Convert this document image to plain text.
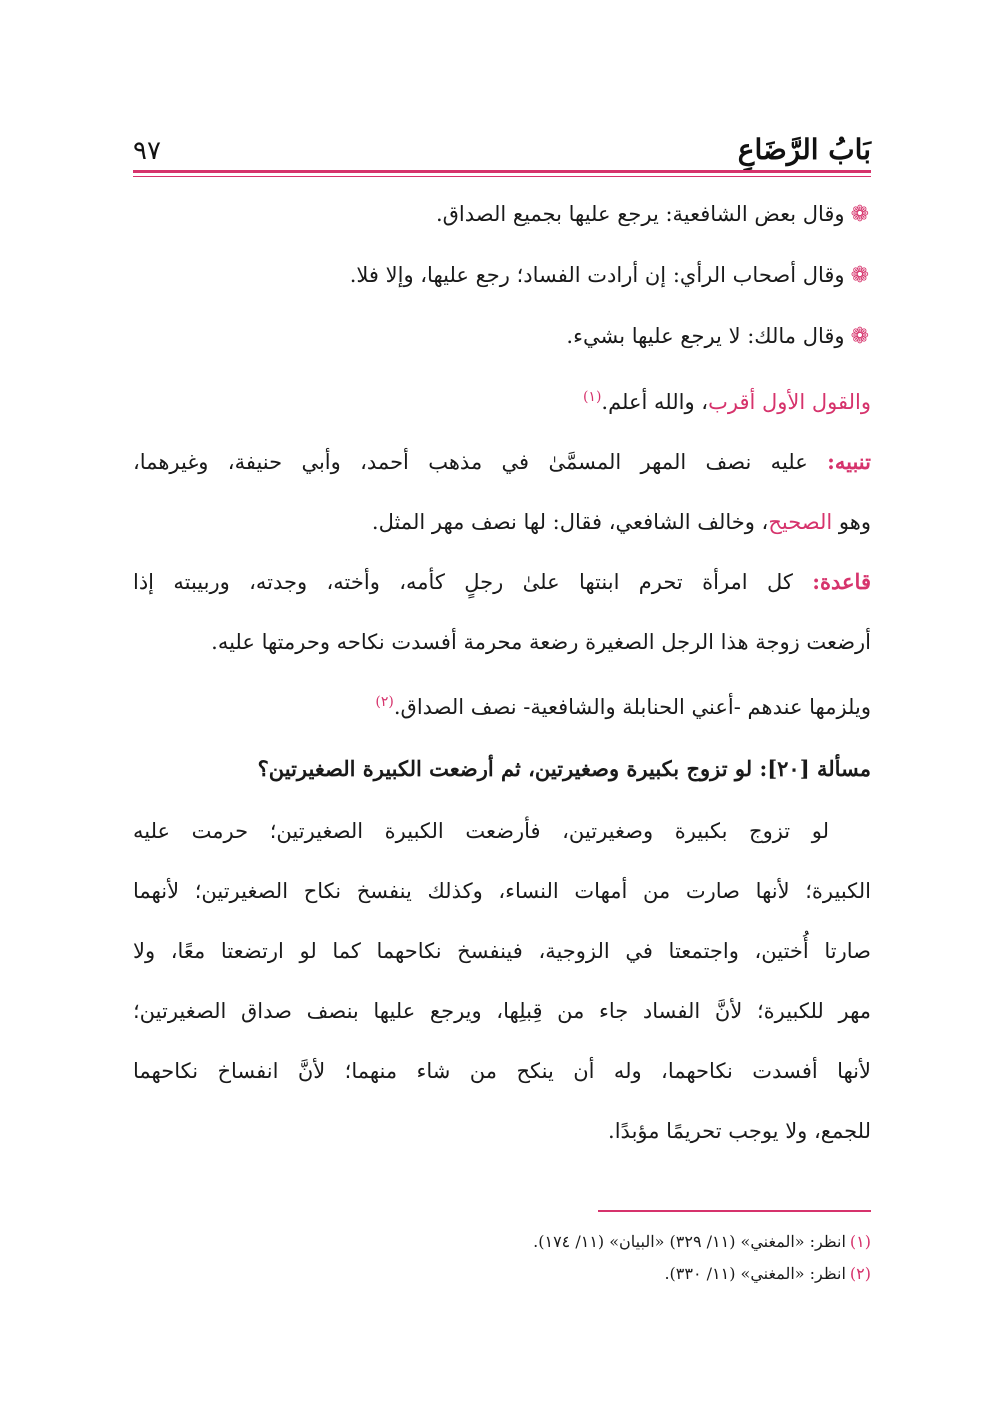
بَابُ الرَّضَاعِ
٩٧
❁وقال بعض الشافعية: يرجع عليها بجميع الصداق.
❁وقال أصحاب الرأي: إن أرادت الفساد؛ رجع عليها، وإلا فلا.
❁وقال مالك: لا يرجع عليها بشيء.
والقول الأول أقرب، والله أعلم.$^{(١)}$
تنبيه: عليه نصف المهر المسمَّىٰ في مذهب أحمد، وأبي حنيفة، وغيرهما،
وهو الصحيح، وخالف الشافعي، فقال: لها نصف مهر المثل.
قاعدة: كل امرأة تحرم ابنتها علىٰ رجلٍ كأمه، وأخته، وجدته، وربيبته إذا
أرضعت زوجة هذا الرجل الصغيرة رضعة محرمة أفسدت نكاحه وحرمتها عليه.
ويلزمها عندهم -أعني الحنابلة والشافعية- نصف الصداق.$^{(٢)}$
مسألة [٢٠]: لو تزوج بكبيرة وصغيرتين، ثم أرضعت الكبيرة الصغيرتين؟
لو تزوج بكبيرة وصغيرتين، فأرضعت الكبيرة الصغيرتين؛ حرمت عليه
الكبيرة؛ لأنها صارت من أمهات النساء، وكذلك ينفسخ نكاح الصغيرتين؛ لأنهما
صارتا أُختين، واجتمعتا في الزوجية، فينفسخ نكاحهما كما لو ارتضعتا معًا، ولا
مهر للكبيرة؛ لأنَّ الفساد جاء من قِبلِها، ويرجع عليها بنصف صداق الصغيرتين؛
لأنها أفسدت نكاحهما، وله أن ينكح من شاء منهما؛ لأنَّ انفساخ نكاحهما
للجمع، ولا يوجب تحريمًا مؤبدًا.
(١)انظر: «المغني» (١١/ ٣٢٩) «البيان» (١١/ ١٧٤).
(٢)انظر: «المغني» (١١/ ٣٣٠).
